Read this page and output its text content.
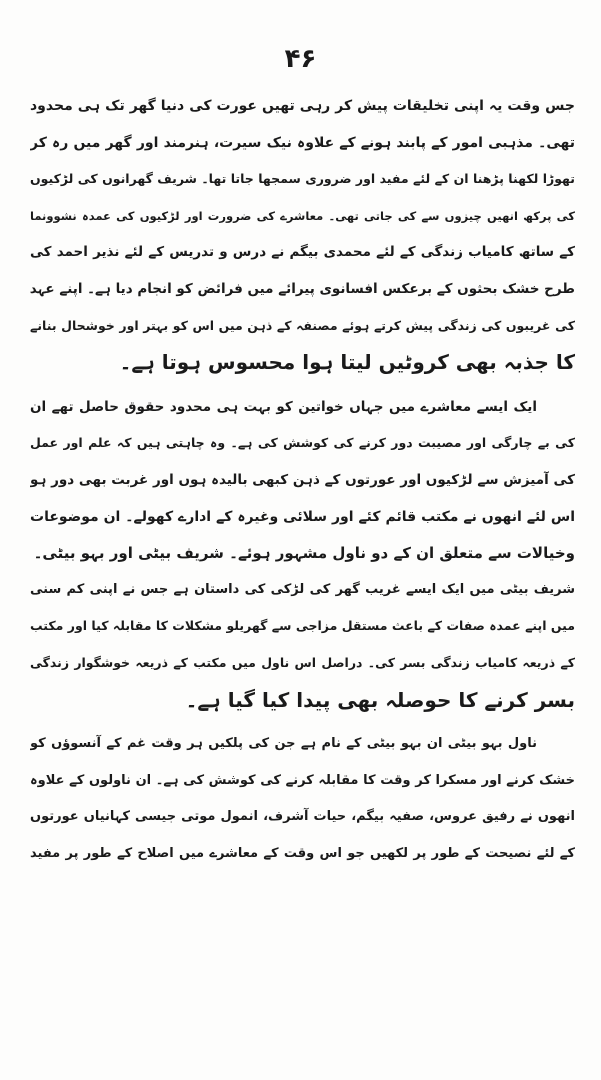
۴۶
جس وقت یہ اپنی تخلیقات پیش کر رہی تھیں عورت کی دنیا گھر تک ہی محدود
تھی۔ مذہبی امور کے پابند ہونے کے علاوہ نیک سیرت، ہنرمند اور گھر میں رہ کر
تھوڑا لکھنا پڑھنا ان کے لئے مفید اور ضروری سمجھا جاتا تھا۔ شریف گھرانوں کی لڑکیوں
کی پرکھ انھیں چیزوں سے کی جاتی تھی۔ معاشرے کی ضرورت اور لڑکیوں کی عمدہ نشوونما
کے ساتھ کامیاب زندگی کے لئے محمدی بیگم نے درس و تدریس کے لئے نذیر احمد کی
طرح خشک بحثوں کے برعکس افسانوی پیرائے میں فرائض کو انجام دیا ہے۔ اپنے عہد
کی غریبوں کی زندگی پیش کرتے ہوئے مصنفہ کے ذہن میں اس کو بہتر اور خوشحال بنانے
کا جذبہ بھی کروٹیں لیتا ہوا محسوس ہوتا ہے۔
ایک ایسے معاشرے میں جہاں خواتین کو بہت ہی محدود حقوق حاصل تھے ان
کی بے چارگی اور مصیبت دور کرنے کی کوشش کی ہے۔ وہ چاہتی ہیں کہ علم اور عمل
کی آمیزش سے لڑکیوں اور عورتوں کے ذہن کبھی بالیدہ ہوں اور غربت بھی دور ہو
اس لئے انھوں نے مکتب قائم کئے اور سلائی وغیرہ کے ادارے کھولے۔ ان موضوعات
وخیالات سے متعلق ان کے دو ناول مشہور ہوئے۔ شریف بیٹی اور بہو بیٹی۔
شریف بیٹی میں ایک ایسے غریب گھر کی لڑکی کی داستان ہے جس نے اپنی کم سنی
میں اپنے عمدہ صفات کے باعث مستقل مزاجی سے گھریلو مشکلات کا مقابلہ کیا اور مکتب
کے ذریعہ کامیاب زندگی بسر کی۔ دراصل اس ناول میں مکتب کے ذریعہ خوشگوار زندگی
بسر کرنے کا حوصلہ بھی پیدا کیا گیا ہے۔
ناول بہو بیٹی ان بہو بیٹی کے نام ہے جن کی پلکیں ہر وقت غم کے آنسوؤں کو
خشک کرنے اور مسکرا کر وقت کا مقابلہ کرنے کی کوشش کی ہے۔ ان ناولوں کے علاوہ
انھوں نے رفیق عروس، صفیہ بیگم، حیات آشرف، انمول موتی جیسی کہانیاں عورتوں
کے لئے نصیحت کے طور پر لکھیں جو اس وقت کے معاشرے میں اصلاح کے طور پر مفید
